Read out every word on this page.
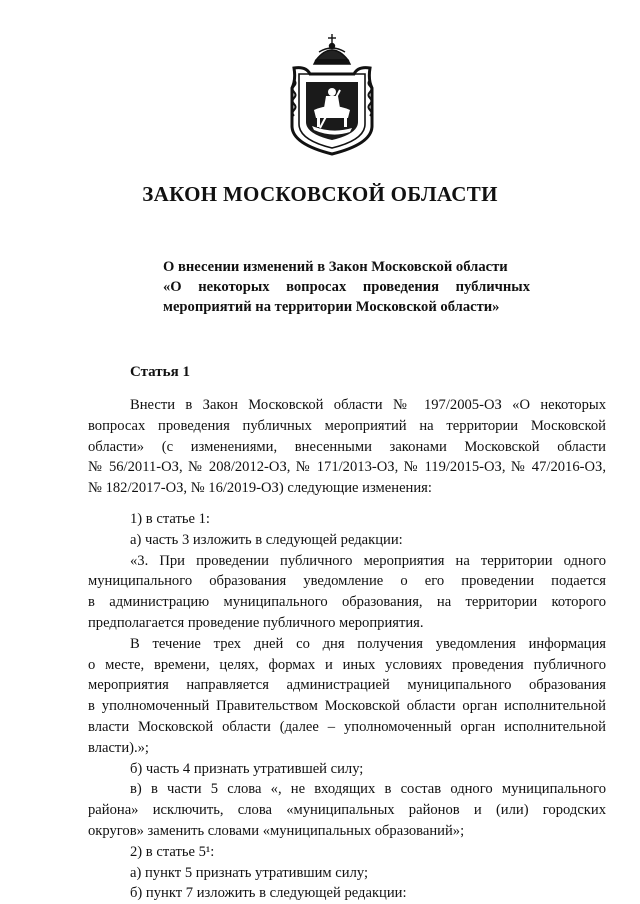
ЗАКОН МОСКОВСКОЙ ОБЛАСТИ
О внесении изменений в Закон Московской области
«О некоторых вопросах проведения публичных
мероприятий на территории Московской области»
Статья 1
Внести в Закон Московской области № 197/2005-ОЗ «О некоторых
вопросах проведения публичных мероприятий на территории Московской
области» (с изменениями, внесенными законами Московской области
№ 56/2011-ОЗ, № 208/2012-ОЗ, № 171/2013-ОЗ, № 119/2015-ОЗ, № 47/2016-ОЗ,
№ 182/2017-ОЗ, № 16/2019-ОЗ) следующие изменения:
1) в статье 1:
а) часть 3 изложить в следующей редакции:
«3. При проведении публичного мероприятия на территории одного
муниципального образования уведомление о его проведении подается
в администрацию муниципального образования, на территории которого
предполагается проведение публичного мероприятия.
В течение трех дней со дня получения уведомления информация
о месте, времени, целях, формах и иных условиях проведения публичного
мероприятия направляется администрацией муниципального образования
в уполномоченный Правительством Московской области орган исполнительной
власти Московской области (далее – уполномоченный орган исполнительной
власти).»;
б) часть 4 признать утратившей силу;
в) в части 5 слова «, не входящих в состав одного муниципального
района» исключить, слова «муниципальных районов и (или) городских
округов» заменить словами «муниципальных образований»;
2) в статье 5¹:
а) пункт 5 признать утратившим силу;
б) пункт 7 изложить в следующей редакции:
